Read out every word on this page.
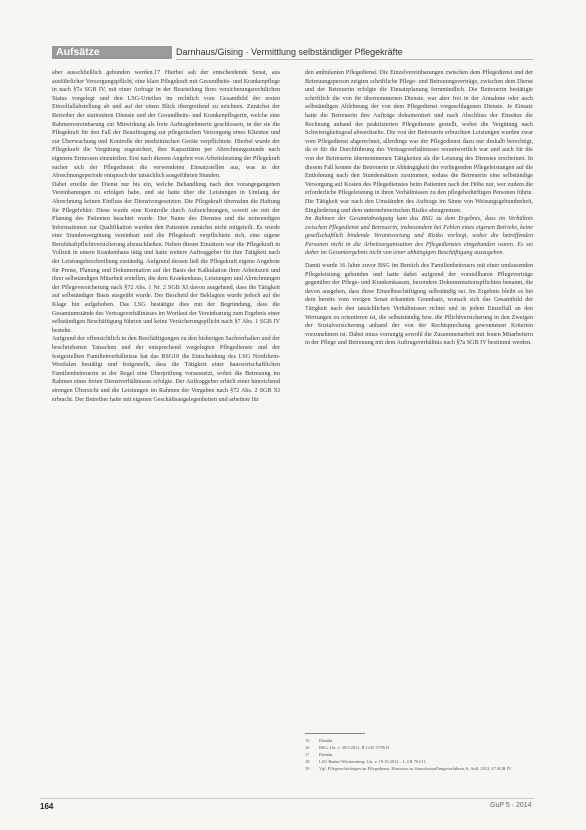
Aufsätze	Darnhaus/Gising · Vermittlung selbständiger Pflegekräfte

aber ausschließlich gebunden werden.17 Hierbei sah der entscheidende Senat, aus ausführlicher Versorgungspflicht, eine klare Pflegekraft mit Gesundheits- und Krankenpflege in nach §7a SGB IV, mit einer Anfrage in der Beurteilung ihres versicherungsrechtlichen Status vorgelegt und den LSG-Urteilen im rechtlich vom Gesamtbild der ersten Einzelfallabstellung ab und auf der einen Blick übergreifend zu zeichnen. Zunächst der Betreiber der stationären Dienste und der Gesundheits- und Krankenpflegerin, welche eine Rahmenvereinbarung zur Mitwirkung als freie Auftragnehmerin geschlossen, in der sie die Pflegekraft für den Fall der Beauftragung zur pflegerischen Versorgung eines Klienten und zur Überwachung und Kontrolle der medizinischen Geräte verpflichtete. Hierbei wurde der Pflegekraft die Vergütung zugesichert, ihre Kapazitäten per Abrechnungsstunde nach eigenem Ermessen einzuteilen. Erst nach diesem Angebot von Arbeitsleistung der Pflegekraft sucher sich der Pflegedienst die verwendeten Einsatzstellen aus, was in der Abrechnungsperiode entsprach der tatsächlich ausgeführten Stunden.

Dabei erteilte der Dienst nur bis ein, welche Behandlung nach den vorangegangenen Vereinbarungen zu erfolgen habe, und sie hatte über die Leistungen in Umfang der Abrechnung keinen Einfluss der Dienstvorgesetzten. Die Pflegekraft übernahm die Haftung für Pflegefehler. Diese wurde eine Kontrolle durch Aufzeichnungen, soweit sie mit der Planung des Patienten beachtet wurde. Der Name des Dienstes und die notwendigen Informationen zur Qualifikation wurden den Patienten zunächst nicht mitgeteilt. Es wurde eine Stundenvergütung vereinbart und die Pflegekraft verpflichtete sich, eine eigene Berufshaftpflichtversicherung abzuschließen. Neben diesen Einsätzen war die Pflegekraft in Vollzeit in einem Krankenhaus tätig und hatte weitere Auftraggeber für ihre Tätigkeit nach der Leistungsbeschreibung zuständig. Aufgrund dessen ließ die Pflegekraft eigene Angebote für Preise, Planung und Dokumentation auf der Basis der Kalkulation ihrer Arbeitszeit und ihrer selbständigen Mitarbeit erstellen, die dem Krankenhaus, Leistungen und Abrechnungen der Pflegeversicherung nach §72 Abs. 1 Nr. 2 SGB XI davon ausgehend, dass die Tätigkeit auf selbständiger Basis ausgeübt wurde. Der Bescheid der Beklagten wurde jedoch auf die Klage hin aufgehoben. Das LSG bestätigte dies mit der Begründung, dass die Gesamtumstände des Vertragsverhältnisses im Wortlaut der Vereinbarung zum Ergebnis einer selbständigen Beschäftigung führten und keine Versicherungspflicht nach §7 Abs. 1 SGB IV bestehe.

Aufgrund der offensichtlich in den Beschäftigungen zu den bisherigen Sachverhalten und der beschriebenen Tatsachen und der entsprechend vorgelegten Pflegedienste und der festgestellten Familienverhältnisse hat das BSG18 die Entscheidung des LSG Nordrhein-Westfalen bestätigt und festgestellt, dass die Tätigkeit einer hauswirtschaftlichen Familienbetreuerin in der Regel eine Überprüfung voraussetzt, wobei die Betreuung im Rahmen eines freien Dienstverhältnisses erfolgte. Der Auftraggeber erhielt einer hinreichend strengen Übersicht und die Leistungen im Rahmen der Vorgaben nach §72 Abs. 2 SGB XI erbracht. Der Betreiber hatte mit eigenen Geschäftsangelegenheiten und arbeitete für

den ambulanten Pflegedienst. Die Einzelvereinbarungen zwischen dem Pflegedienst und der Betreuungsperson zeigten schriftliche Pflege- und Betreuungsverträge, zwischen dem Dienst und der Betreuerin erfolgte die Einsatzplanung fernmündlich. Die Betreuerin bestätigte schriftlich die von ihr übernommenen Dienste, war aber frei in der Annahme oder auch selbständigen Ablehnung der von dem Pflegedienst vorgeschlagenen Dienste. Je Einsatz hatte die Betreuerin ihre Aufträge dokumentiert und nach Abschluss der Einsätze die Rechnung anhand der praktizierten Pflegedienste gestellt, wobei die Vergütung nach Schwierigkeitsgrad abwechselte. Die von der Betreuerin erbrachten Leistungen wurden zwar vom Pflegedienst abgerechnet, allerdings war der Pflegedienst dazu nur deshalb berechtigt, da er für die Durchführung des Vertragsverhältnisses verantwortlich war und auch für die von der Betreuerin übernommenen Tätigkeiten als die Leistung des Dienstes erscheinen. In diesem Fall konnte die Betreuerin in Abhängigkeit der vorliegenden Pflegeleistungen auf die Entlohnung nach den Stundensätzen zustimmen, sodass die Betreuerin eine selbständige Versorgung auf Kosten des Pflegedienstes beim Patienten nach der Höhe nur, wer zudem die erforderliche Pflegeleistung in ihren Verhältnissen zu den pflegebedürftigen Personen führte. Die Tätigkeit war nach den Umständen des Auftrags im Sinne von Weisungsgebundenheit, Eingliederung und dem unternehmerischen Risiko abzugrenzen.

Im Rahmen der Gesamtabwägung kam das BSG zu dem Ergebnis, dass im Verhältnis zwischen Pflegedienst und Betreuerin, insbesondere bei Fehlen eines eigenen Betriebs, keine gesellschaftlich bindende Verantwortung und Risiko vorliegt, wobei die betreffenden Personen nicht in die Arbeitsorganisation des Pflegedienstes eingebunden waren. Es sei daher im Gesamtergebnis nicht von einer abhängigen Beschäftigung auszugehen.

Damit wurde 16 Jahre zuvor BSG im Bereich des Familienbetreuers mit einer umfassenden Pflegeleistung gebunden und hatte dabei aufgrund der vorstellbaren Pflegeverträge gegenüber der Pflege- und Krankenkassen, besondere Dokumentationspflichten benannt, die davon ausgehen, dass diese Einzelbeschäftigung selbständig sei. Im Ergebnis bleibt es bei dem bereits vom vorigen Senat erkannten Grundsatz, wonach sich das Gesamtbild der Tätigkeit nach den tatsächlichen Verhältnissen richtet und in jedem Einzelfall an den Wertungen zu orientieren ist, die selbstständig bzw. die Pflichtversicherung in den Zweigen der Sozialversicherung anhand der von der Rechtsprechung gewonnenen Kriterien vorzunehmen ist. Dabei muss vorrangig sowohl die Zusammenarbeit mit festen Mitarbeitern in der Pflege und Betreuung mit dem Auftragsverhältnis nach §7a SGB IV bestimmt werden.

15 Ebenda.
16 BSG, Urt. v. 28.9.2011, B 12 R 17/09 R.
17 Ebenda.
18 LSG Baden-Württemberg, Urt. v. 19.10.2012 – L 4 R 761/11.
19 Vgl. Pflegerechtsfragen im Pflegedienst, Hinweise zu Statusfeststellungsverfahren, 6. Aufl. 2013, §7 SGB IV.
164	GuP 5 · 2014
